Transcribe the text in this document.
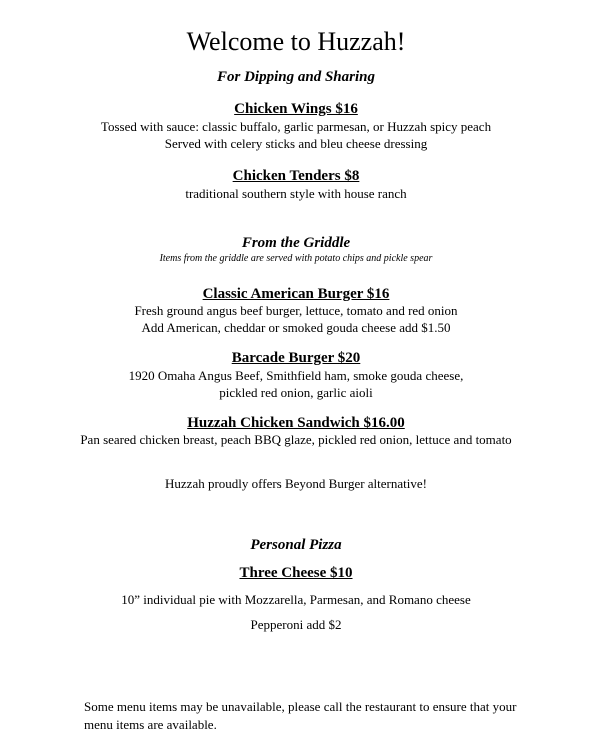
Welcome to Huzzah!
For Dipping and Sharing
Chicken Wings $16
Tossed with sauce: classic buffalo, garlic parmesan, or Huzzah spicy peach
Served with celery sticks and bleu cheese dressing
Chicken Tenders $8
traditional southern style with house ranch
From the Griddle
Items from the griddle are served with potato chips and pickle spear
Classic American Burger $16
Fresh ground angus beef burger, lettuce, tomato and red onion
Add American, cheddar or smoked gouda cheese add $1.50
Barcade Burger $20
1920 Omaha Angus Beef, Smithfield ham, smoke gouda cheese,
pickled red onion, garlic aioli
Huzzah Chicken Sandwich $16.00
Pan seared chicken breast, peach BBQ glaze, pickled red onion, lettuce and tomato
Huzzah proudly offers Beyond Burger alternative!
Personal Pizza
Three Cheese $10
10” individual pie with Mozzarella, Parmesan, and Romano cheese
Pepperoni add $2
Some menu items may be unavailable, please call the restaurant to ensure that your menu items are available.
